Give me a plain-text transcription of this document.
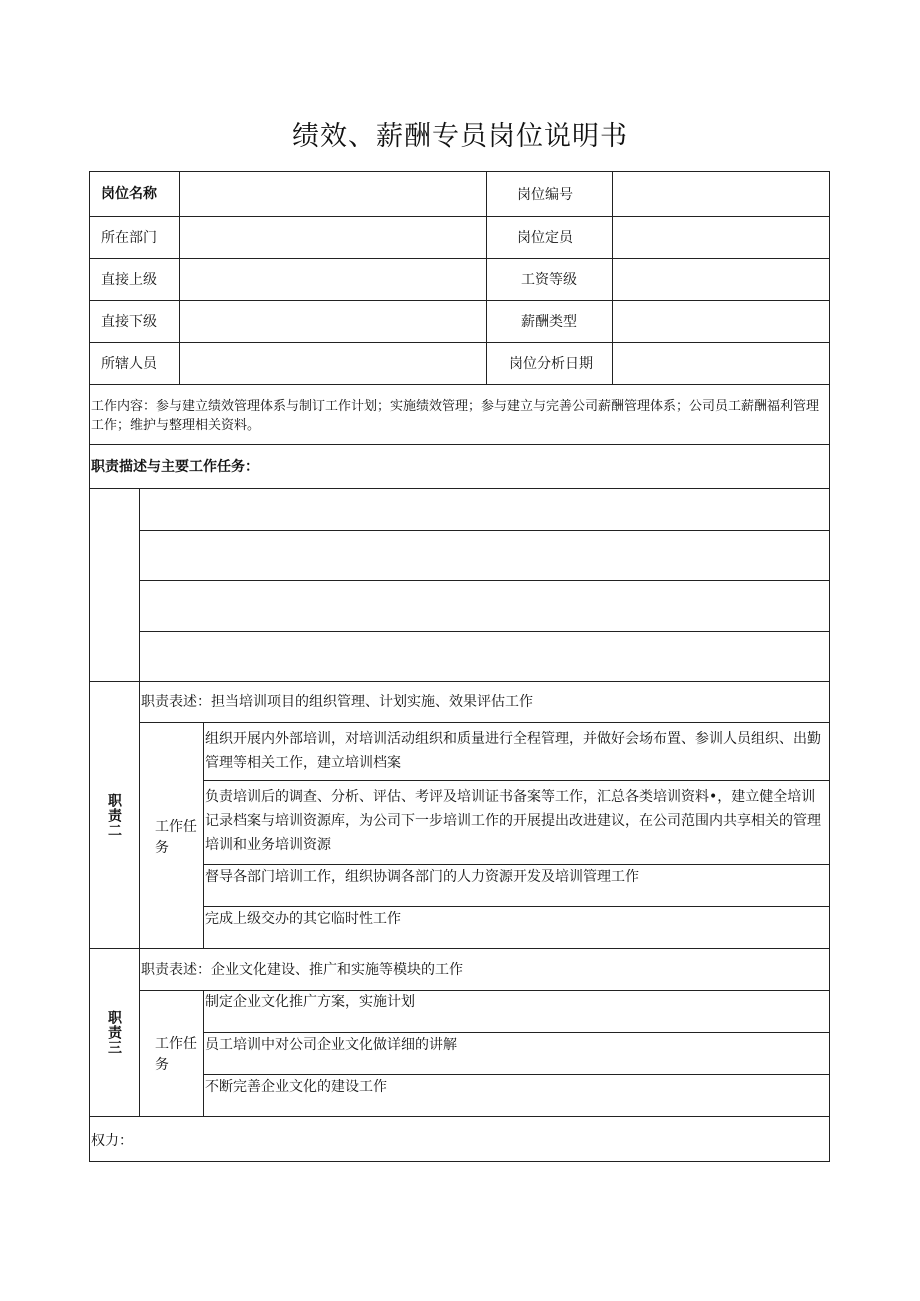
绩效、薪酬专员岗位说明书
岗位名称	岗位编号
所在部门	岗位定员
直接上级	工资等级
直接下级	薪酬类型
所辖人员	岗位分析日期
工作内容：参与建立绩效管理体系与制订工作计划；实施绩效管理；参与建立与完善公司薪酬管理体系；公司员工薪酬福利管理工作；维护与整理相关资料。
职责描述与主要工作任务：
职责二
职责表述：担当培训项目的组织管理、计划实施、效果评估工作
工作任务
组织开展内外部培训，对培训活动组织和质量进行全程管理，并做好会场布置、参训人员组织、出勤管理等相关工作，建立培训档案
负责培训后的调查、分析、评估、考评及培训证书备案等工作，汇总各类培训资料•，建立健全培训记录档案与培训资源库，为公司下一步培训工作的开展提出改进建议，在公司范围内共享相关的管理培训和业务培训资源
督导各部门培训工作，组织协调各部门的人力资源开发及培训管理工作
完成上级交办的其它临时性工作
职责三
职责表述：企业文化建设、推广和实施等模块的工作
工作任务
制定企业文化推广方案，实施计划
员工培训中对公司企业文化做详细的讲解
不断完善企业文化的建设工作
权力：
